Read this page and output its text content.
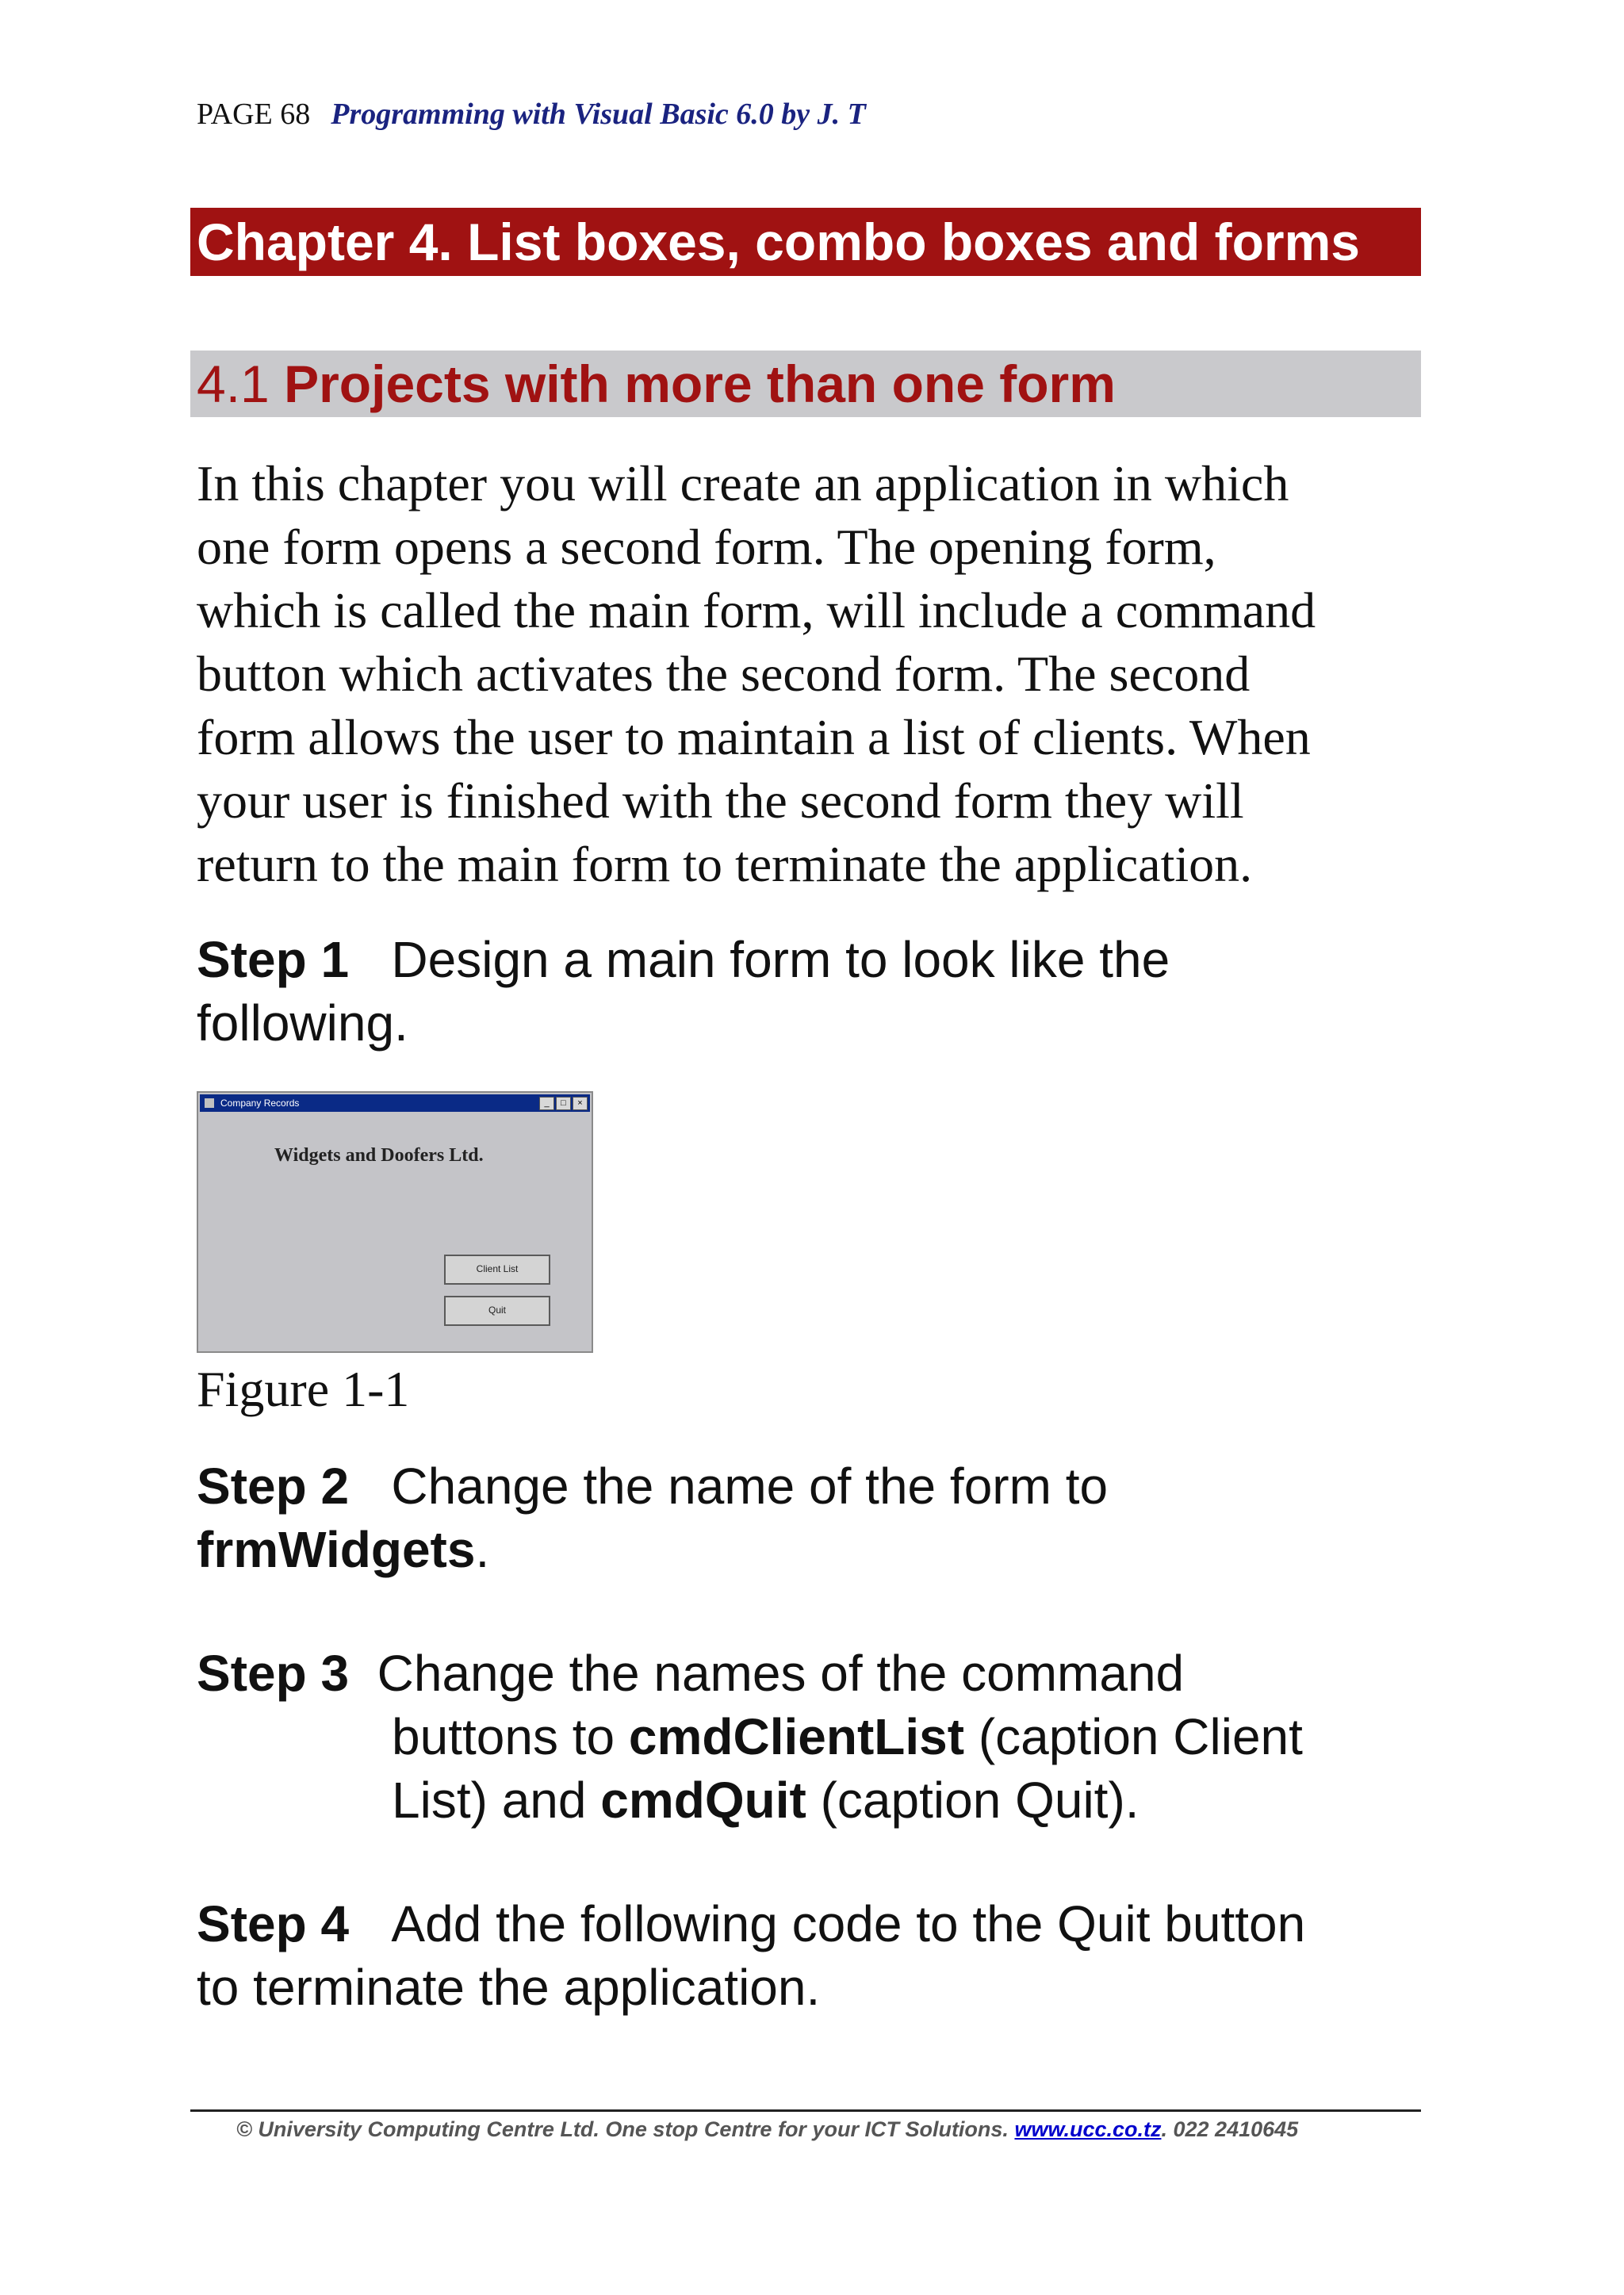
PAGE 68 Programming with Visual Basic 6.0 by J. T
Chapter 4. List boxes, combo boxes and forms
4.1 Projects with more than one form
In this chapter you will create an application in which
one form opens a second form. The opening form,
which is called the main form, will include a command
button which activates the second form. The second
form allows the user to maintain a list of clients. When
your user is finished with the second form they will
return to the main form to terminate the application.
Step 1 Design a main form to look like the
following.
Company Records	_	□	×
Widgets and Doofers Ltd.
Client List
Quit
Figure 1-1
Step 2 Change the name of the form to
frmWidgets.
Step 3 Change the names of the command
buttons to cmdClientList (caption Client
List) and cmdQuit (caption Quit).
Step 4 Add the following code to the Quit button
to terminate the application.
© University Computing Centre Ltd. One stop Centre for your ICT Solutions. www.ucc.co.tz. 022 2410645
